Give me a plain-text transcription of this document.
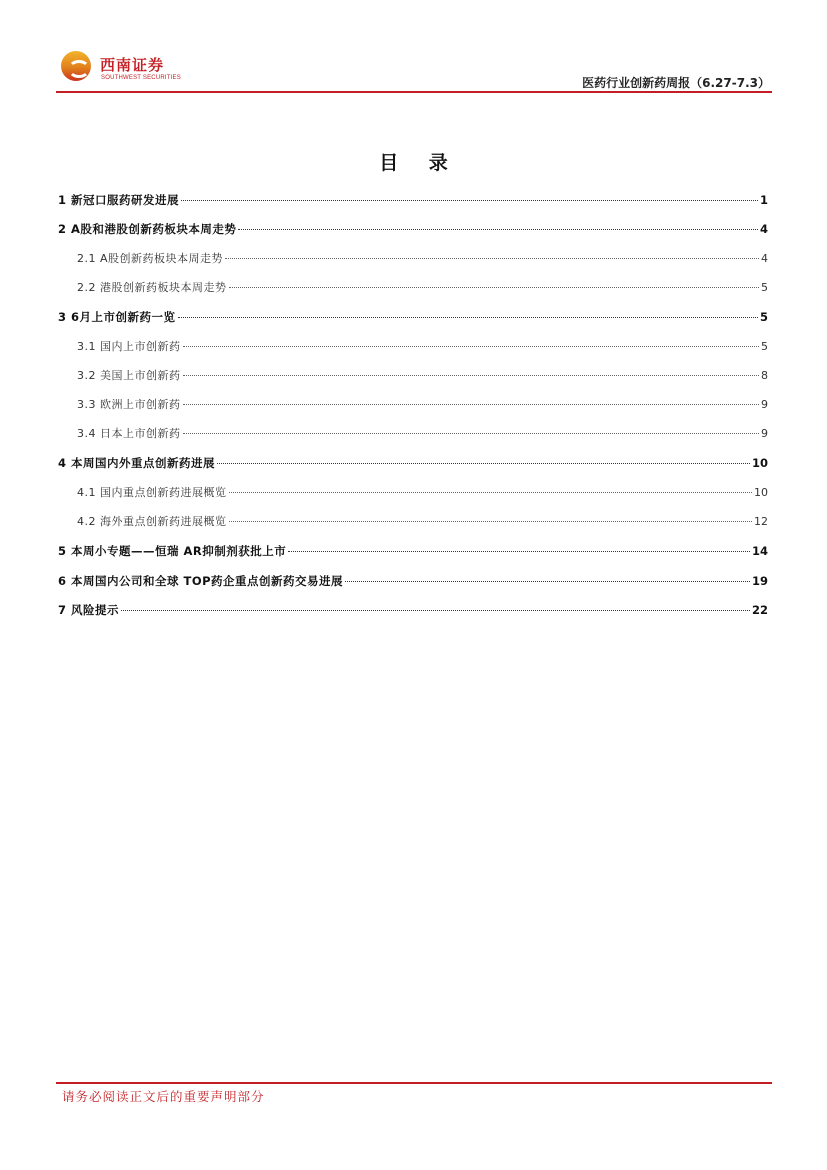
西南证券
SOUTHWEST SECURITIES	医药行业创新药周报（6.27-7.3）
目 录
1 新冠口服药研发进展	1
2 A股和港股创新药板块本周走势	4
2.1 A股创新药板块本周走势	4
2.2 港股创新药板块本周走势	5
3 6月上市创新药一览	5
3.1 国内上市创新药	5
3.2 美国上市创新药	8
3.3 欧洲上市创新药	9
3.4 日本上市创新药	9
4 本周国内外重点创新药进展	10
4.1 国内重点创新药进展概览	10
4.2 海外重点创新药进展概览	12
5 本周小专题——恒瑞 AR抑制剂获批上市	14
6 本周国内公司和全球 TOP药企重点创新药交易进展	19
7 风险提示	22
请务必阅读正文后的重要声明部分
